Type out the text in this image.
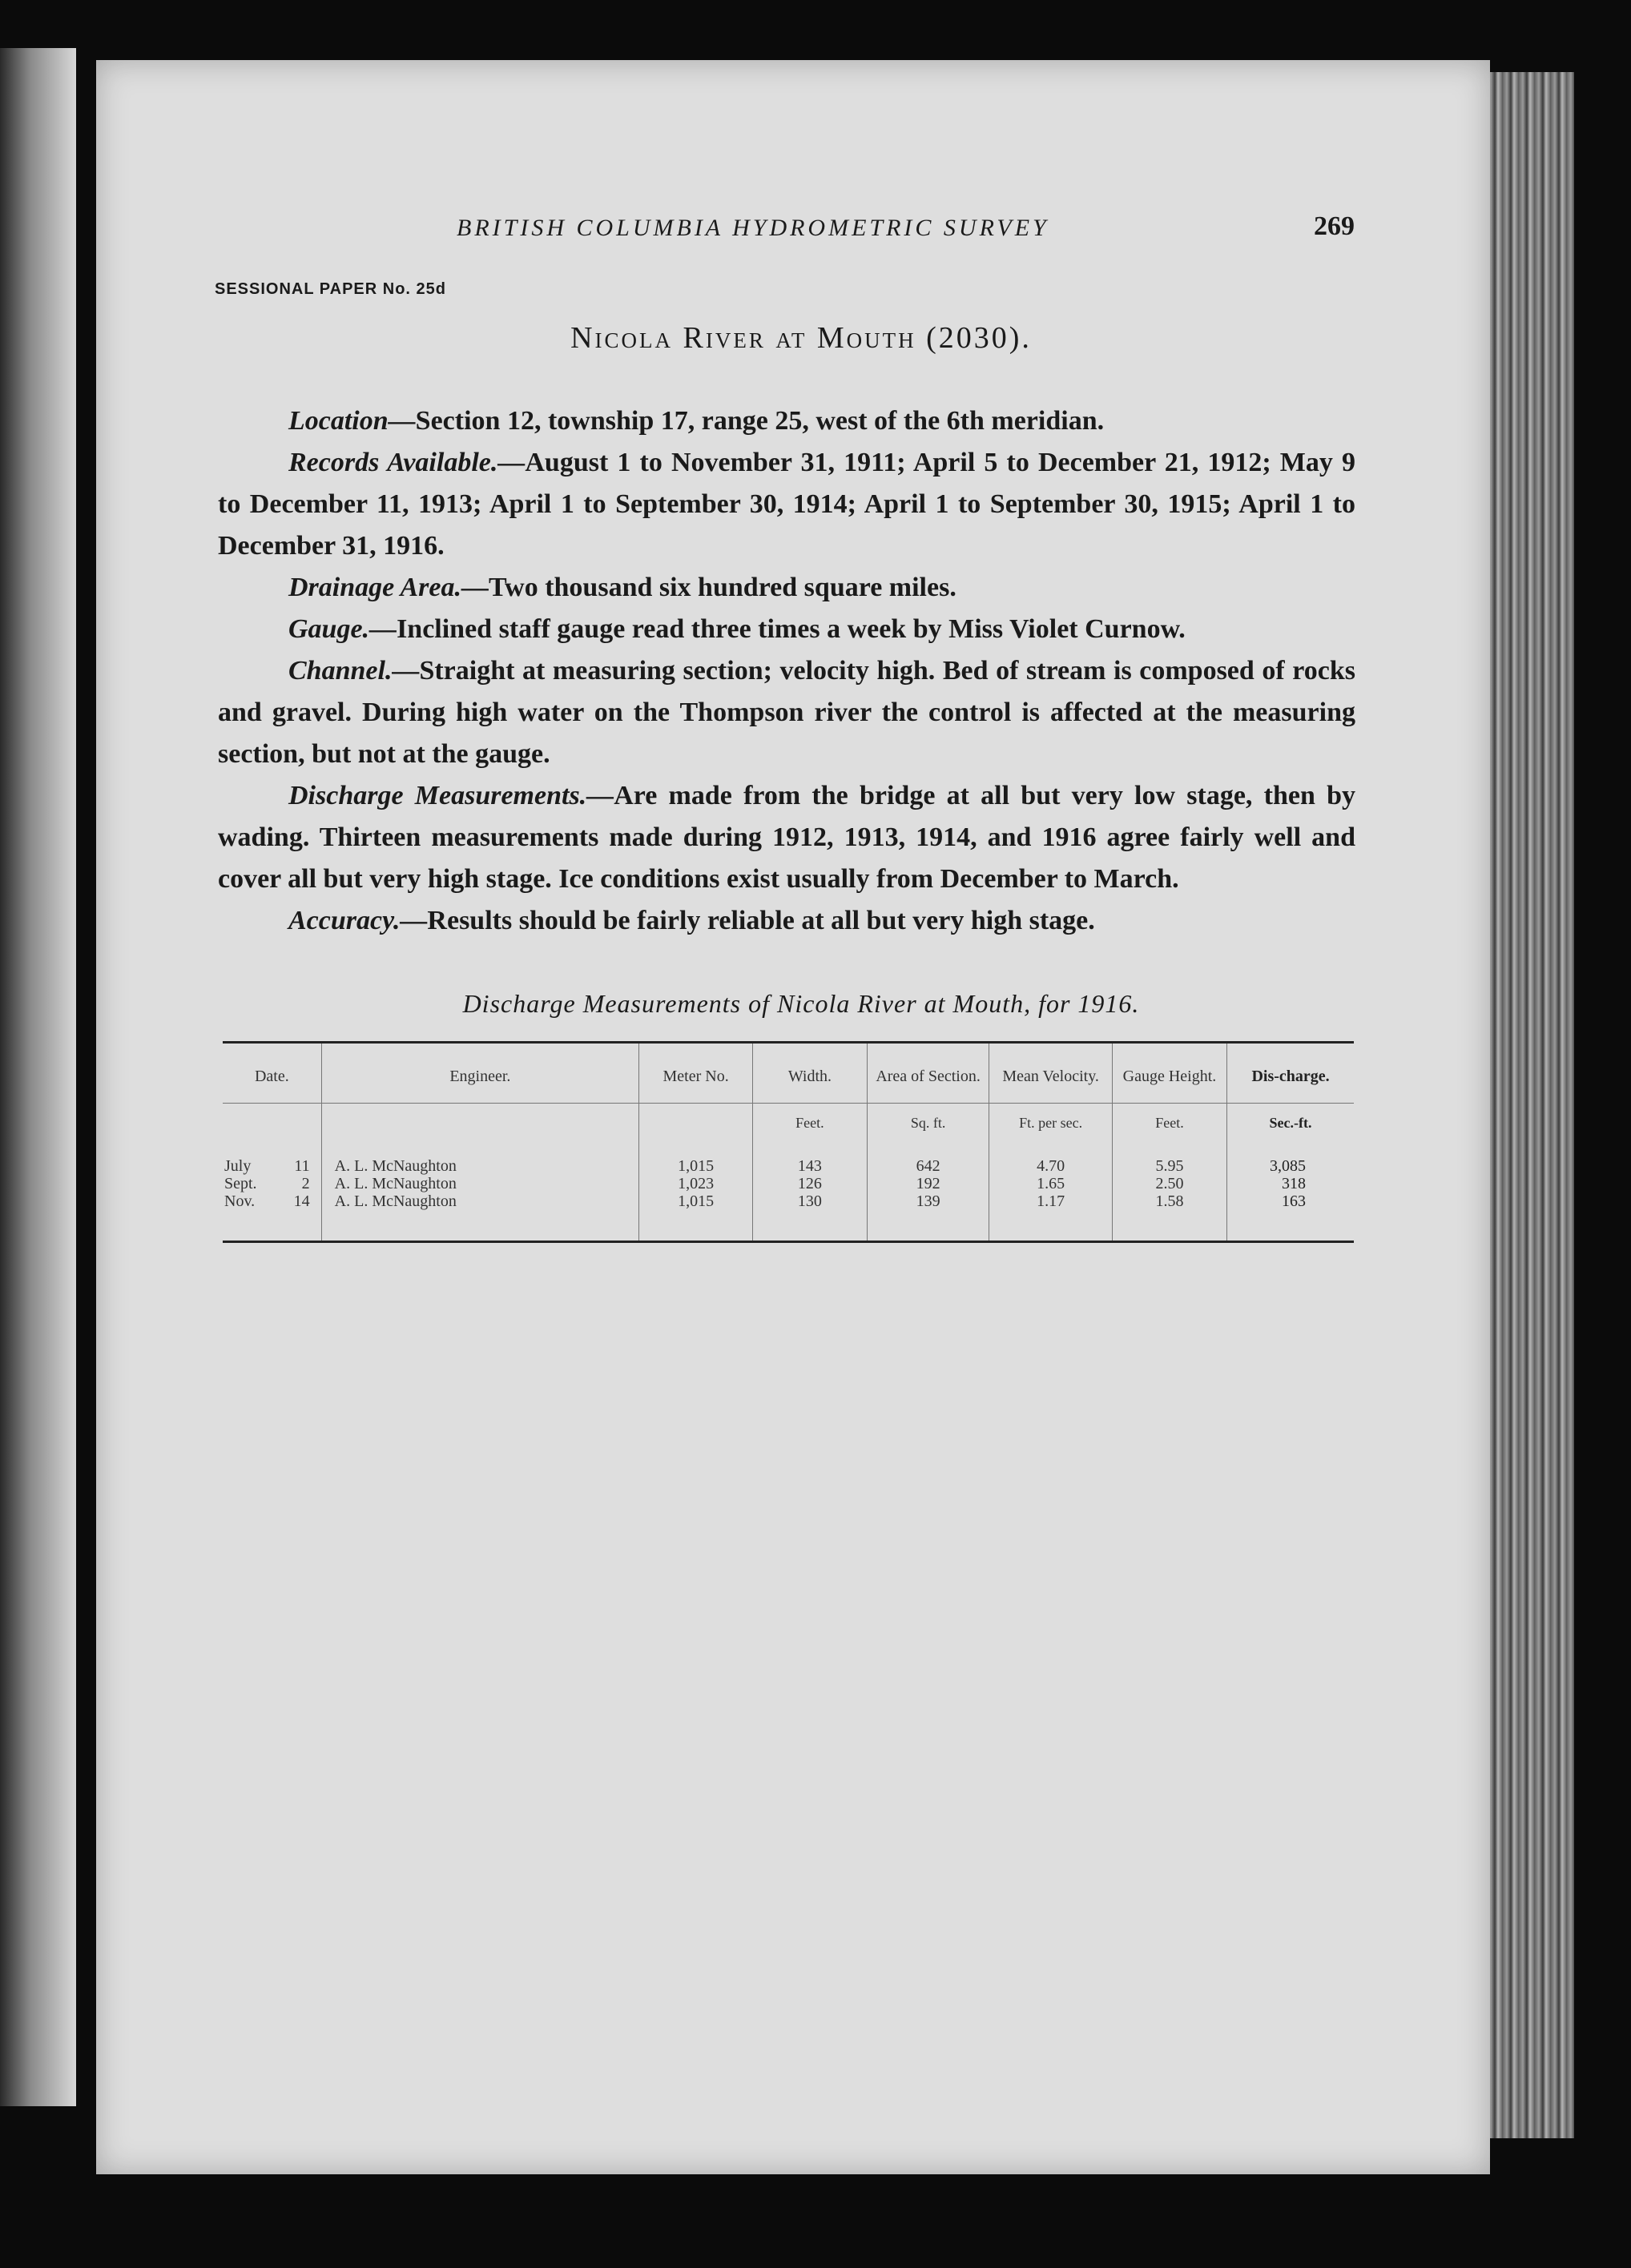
BRITISH COLUMBIA HYDROMETRIC SURVEY	269
SESSIONAL PAPER No. 25d
Nicola River at Mouth (2030).

Location—Section 12, township 17, range 25, west of the 6th meridian.

Records Available.—August 1 to November 31, 1911; April 5 to December 21, 1912; May 9 to December 11, 1913; April 1 to September 30, 1914; April 1 to September 30, 1915; April 1 to December 31, 1916.

Drainage Area.—Two thousand six hundred square miles.

Gauge.—Inclined staff gauge read three times a week by Miss Violet Curnow.

Channel.—Straight at measuring section; velocity high. Bed of stream is composed of rocks and gravel. During high water on the Thompson river the control is affected at the measuring section, but not at the gauge.

Discharge Measurements.—Are made from the bridge at all but very low stage, then by wading. Thirteen measurements made during 1912, 1913, 1914, and 1916 agree fairly well and cover all but very high stage. Ice conditions exist usually from December to March.

Accuracy.—Results should be fairly reliable at all but very high stage.

Discharge Measurements of Nicola River at Mouth, for 1916.
Date.	Engineer.	Meter No.	Width.	Area of Section.	Mean Velocity.	Gauge Height.	Dis-charge.
			Feet.	Sq. ft.	Ft. per sec.	Feet.	Sec.-ft.
July 11	A. L. McNaughton	1,015	143	642	4.70	5.95	3,085
Sept. 2	A. L. McNaughton	1,023	126	192	1.65	2.50	318
Nov. 14	A. L. McNaughton	1,015	130	139	1.17	1.58	163
